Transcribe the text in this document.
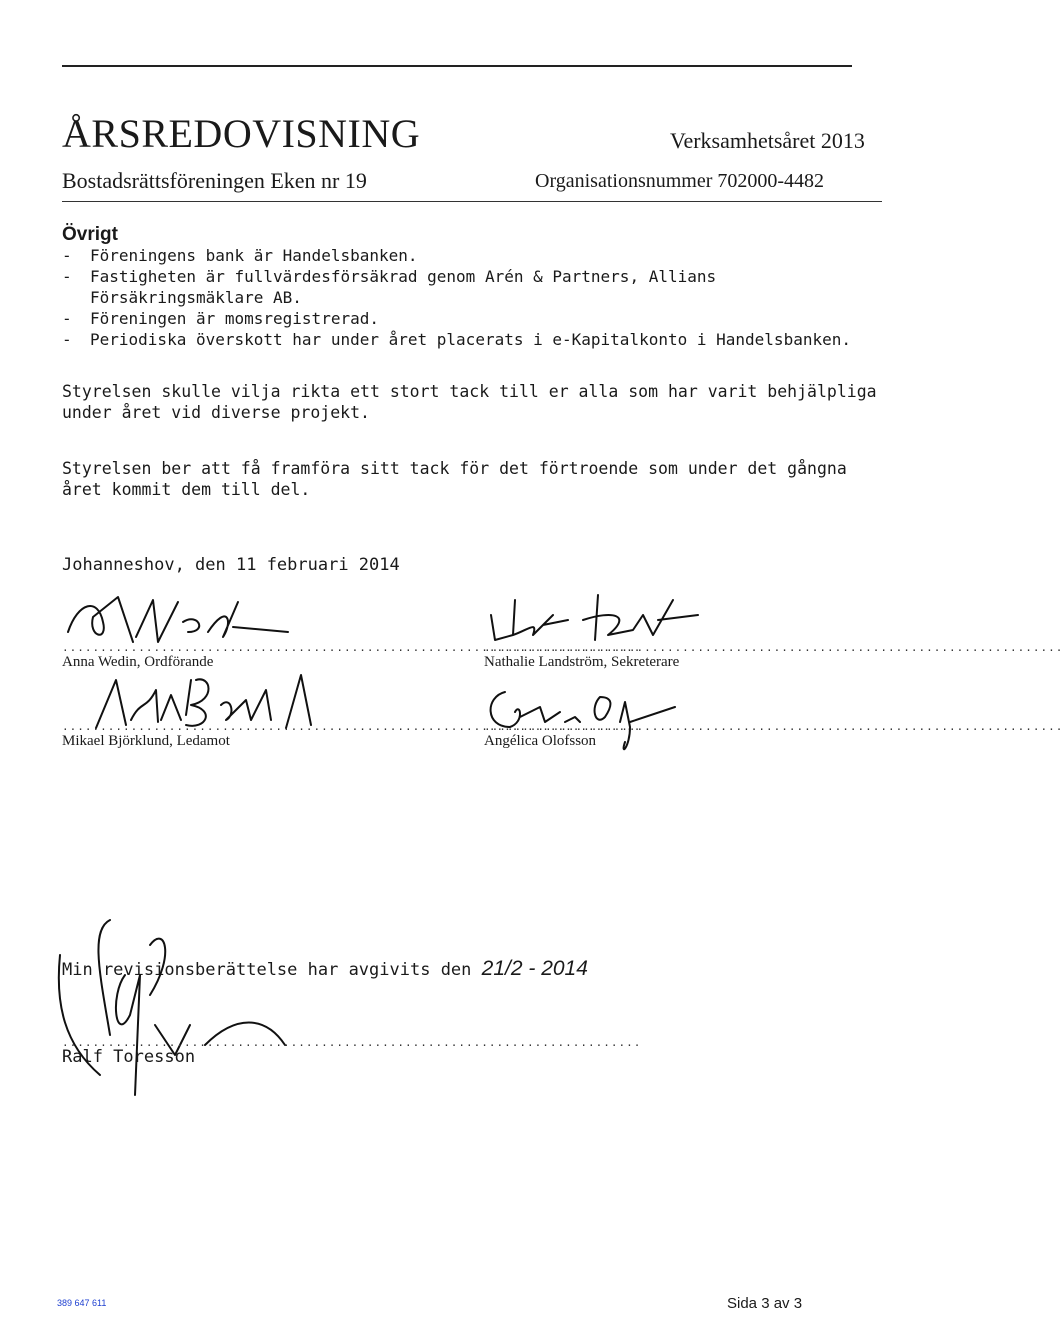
ÅRSREDOVISNING	Verksamhetsåret 2013
Bostadsrättsföreningen Eken nr 19	Organisationsnummer 702000-4482
Övrigt
- Föreningens bank är Handelsbanken.
- Fastigheten är fullvärdesförsäkrad genom Arén & Partners, Allians Försäkringsmäklare AB.
- Föreningen är momsregistrerad.
- Periodiska överskott har under året placerats i e-Kapitalkonto i Handelsbanken.

Styrelsen skulle vilja rikta ett stort tack till er alla som har varit behjälpliga under året vid diverse projekt.

Styrelsen ber att få framföra sitt tack för det förtroende som under det gångna året kommit dem till del.

Johanneshov, den 11 februari 2014
............................................................................
Anna Wedin, Ordförande
............................................................................
Nathalie Landström, Sekreterare
............................................................................
Mikael Björklund, Ledamot
............................................................................
Angélica Olofsson
Min revisionsberättelse har avgivits den 21/2 - 2014
............................................................................
Ralf Toresson
389 647 611	Sida 3 av 3
